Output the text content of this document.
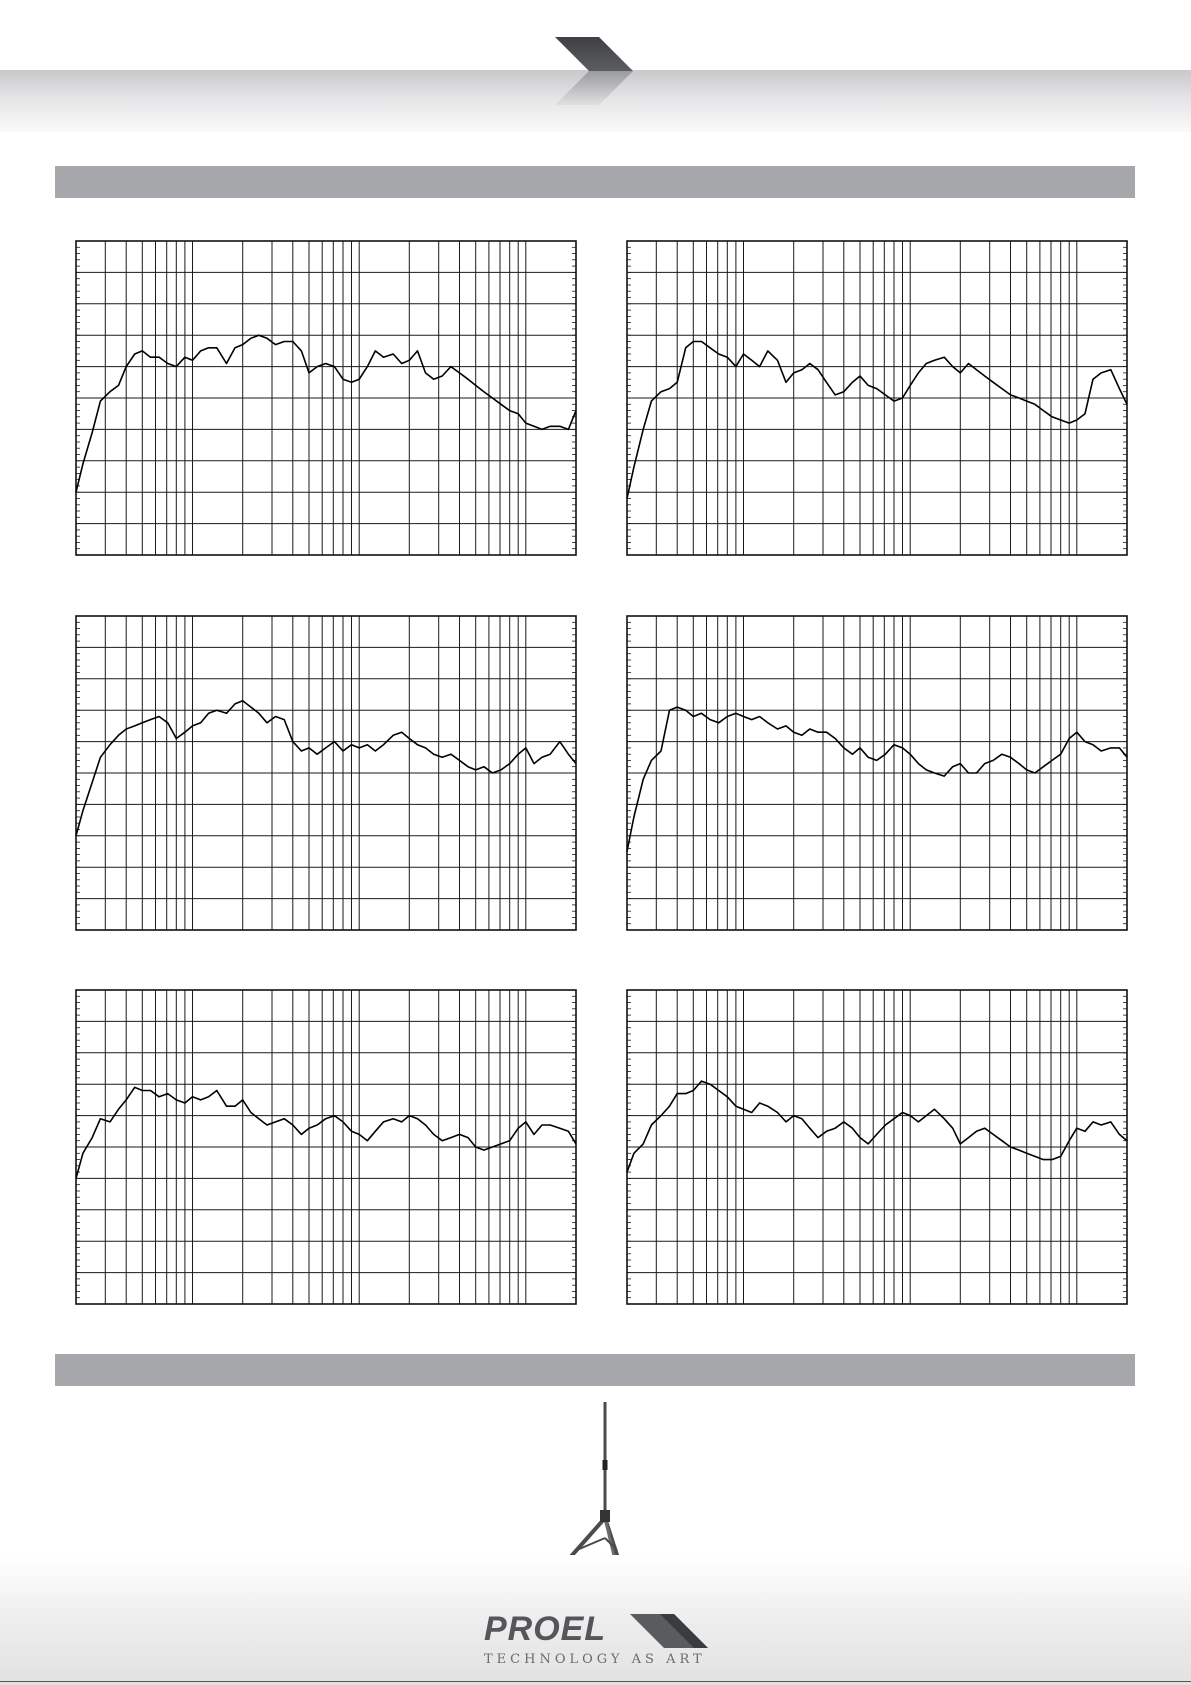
PROEL
TECHNOLOGY AS ART
